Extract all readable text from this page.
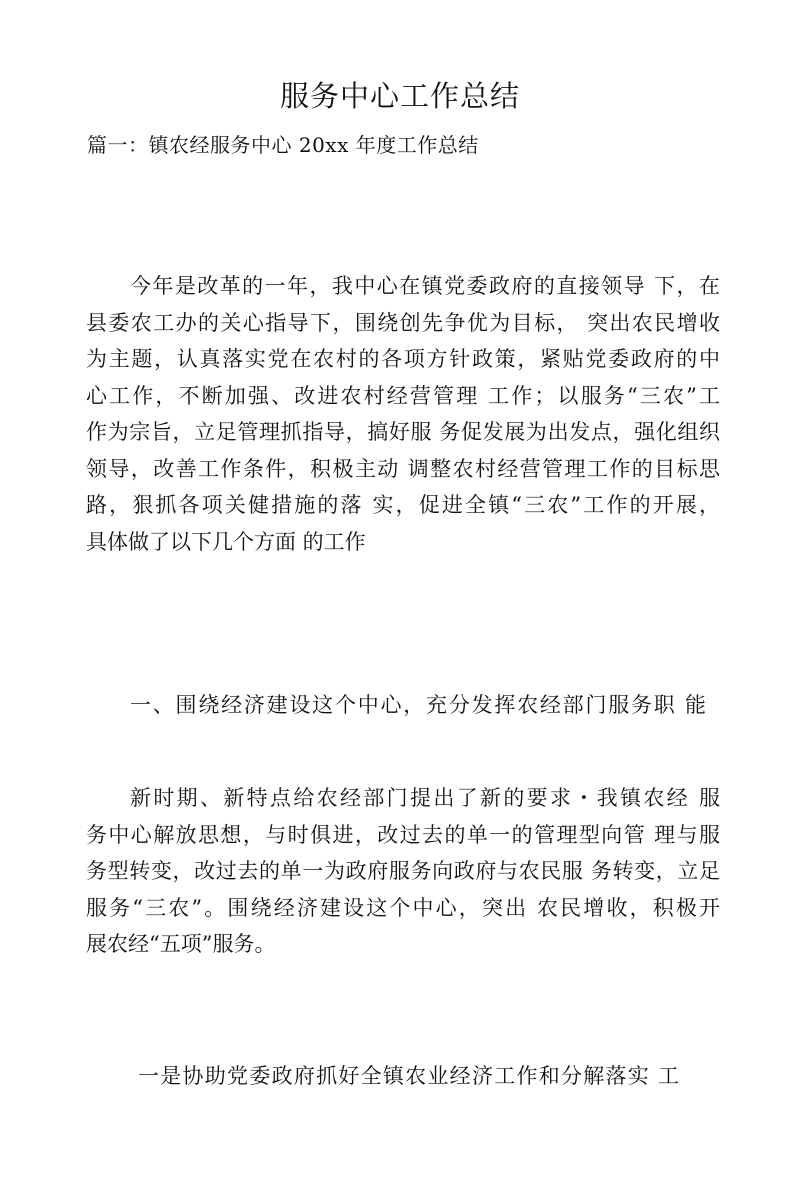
服务中心工作总结
篇一：镇农经服务中心 20xx 年度工作总结
今年是改革的一年，我中心在镇党委政府的直接领导 下，在
县委农工办的关心指导下，围绕创先争优为目标， 突出农民增收
为主题，认真落实党在农村的各项方针政策，紧贴党委政府的中
心工作，不断加强、改进农村经营管理 工作；以服务“三农”工
作为宗旨，立足管理抓指导，搞好服 务促发展为出发点，强化组织
领导，改善工作条件，积极主动 调整农村经营管理工作的目标思
路，狠抓各项关健措施的落 实，促进全镇“三农”工作的开展，
具体做了以下几个方面 的工作
一、围绕经济建设这个中心，充分发挥农经部门服务职 能
新时期、新特点给农经部门提出了新的要求・我镇农经 服
务中心解放思想，与时俱进，改过去的单一的管理型向管 理与服
务型转变，改过去的单一为政府服务向政府与农民服 务转变，立足
服务“三农”。围绕经济建设这个中心，突出 农民增收，积极开
展农经“五项”服务。
一是协助党委政府抓好全镇农业经济工作和分解落实 工
